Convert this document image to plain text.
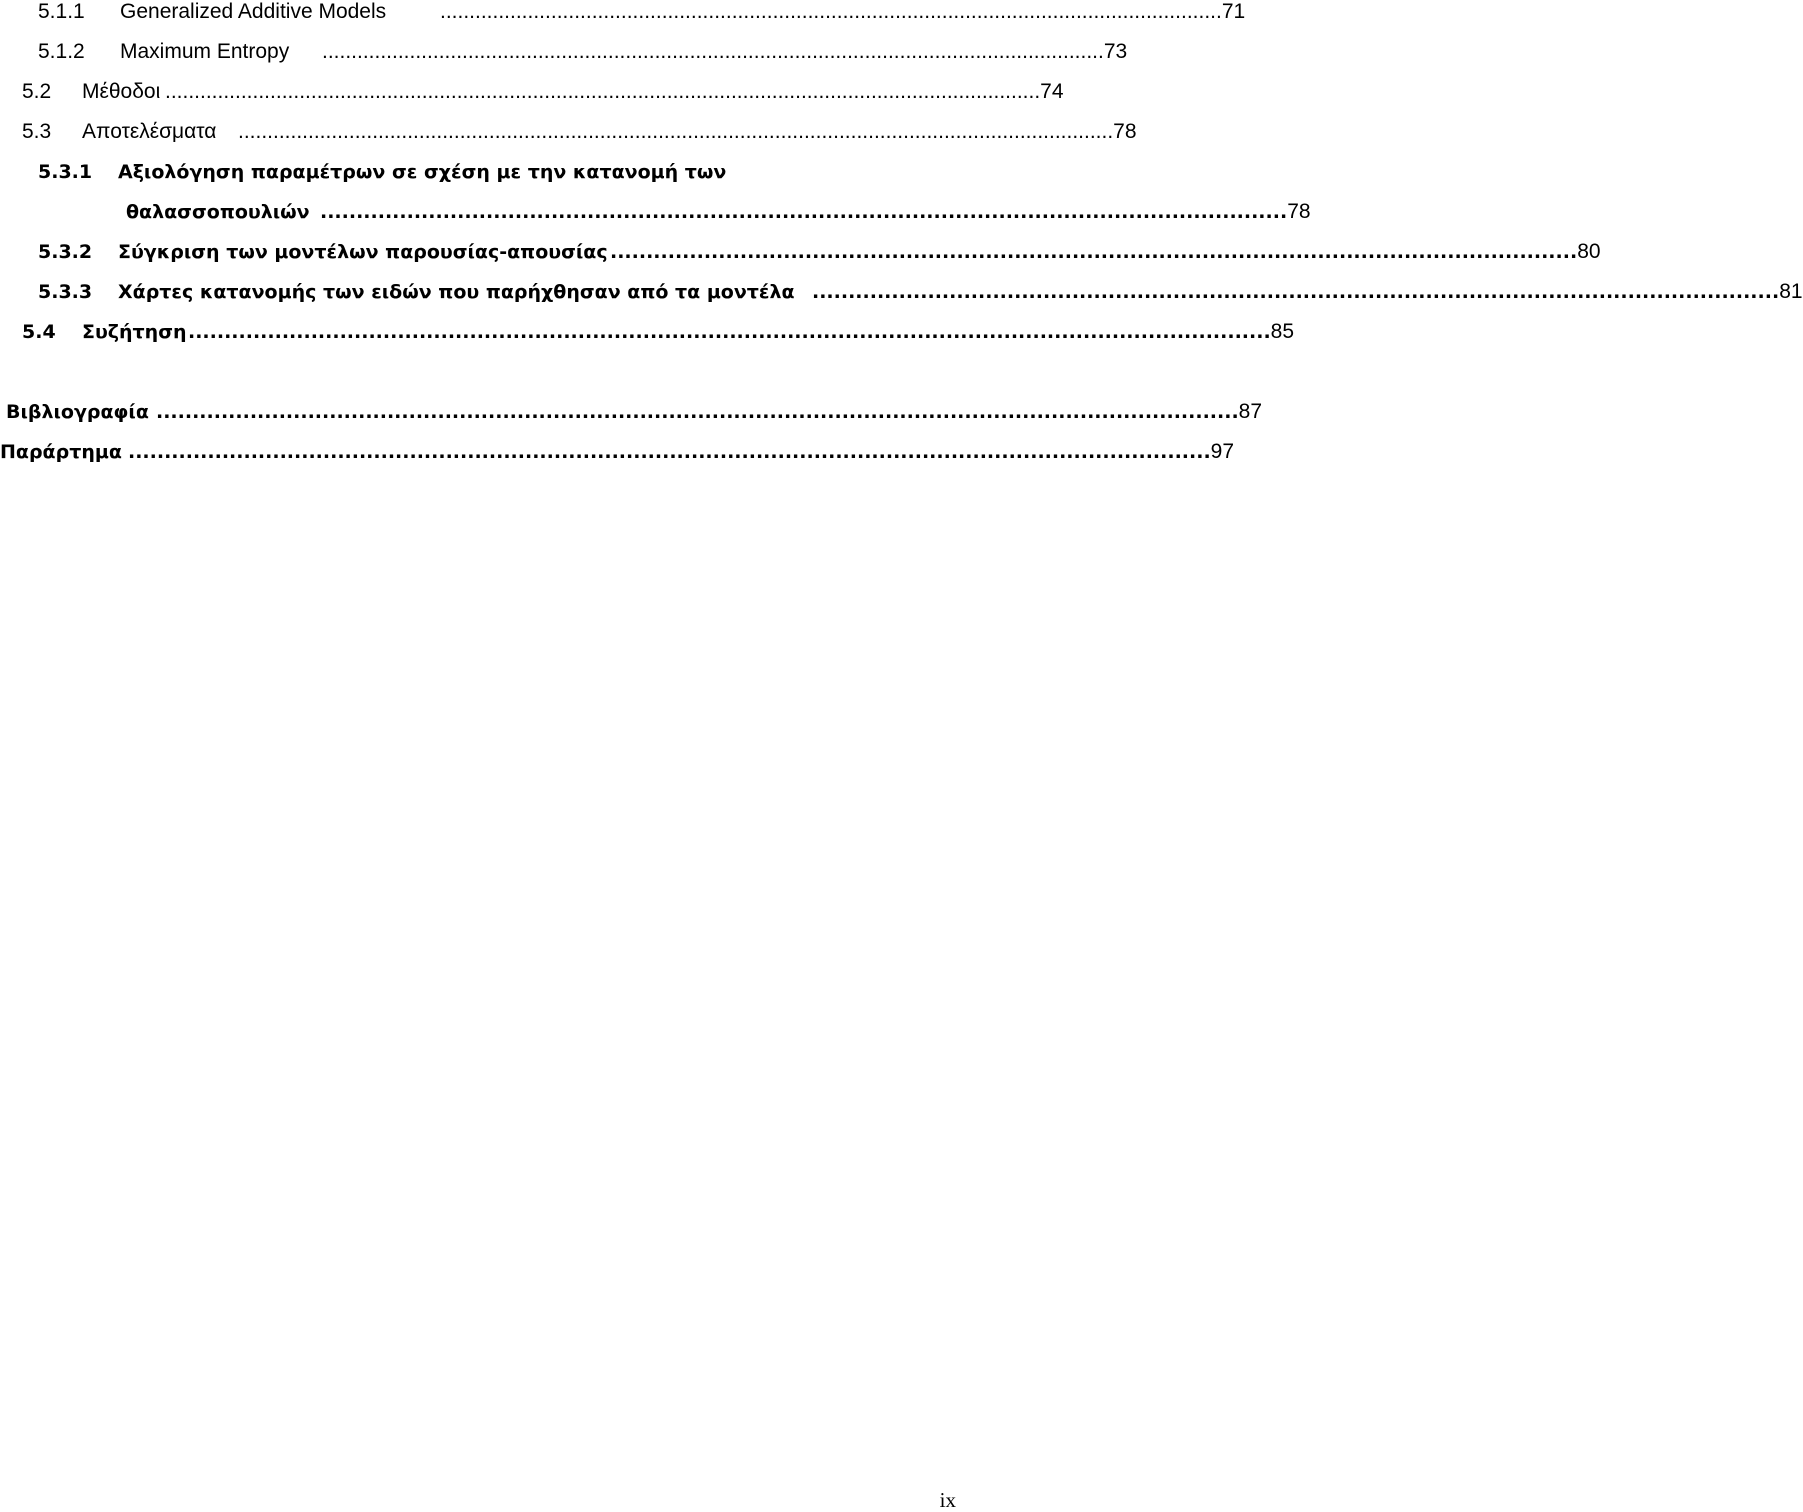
5.1.1 Generalized Additive Models	...................................................................................................................................... 71
5.1.2 Maximum Entropy ...................................................................................................................................... 73
5.2 Μέθοδοι ...................................................................................................................................................... 74
5.3 Αποτελέσματα ...................................................................................................................................................... 78
5.3.1 Αξιολόγηση παραμέτρων σε σχέση με την κατανομή των
θαλασσοπουλιών ...................................................................................................................................... 78
5.3.2 Σύγκριση των μοντέλων παρουσίας-απουσίας ...................................................................................................................................... 80
5.3.3 Χάρτες κατανομής των ειδών που παρήχθησαν από τα μοντέλα ...................................................................................................................................... 81
5.4 Συζήτηση ...................................................................................................................................................... 85
Βιβλιογραφία ...................................................................................................................................................... 87
Παράρτημα ...................................................................................................................................................... 97
ix
